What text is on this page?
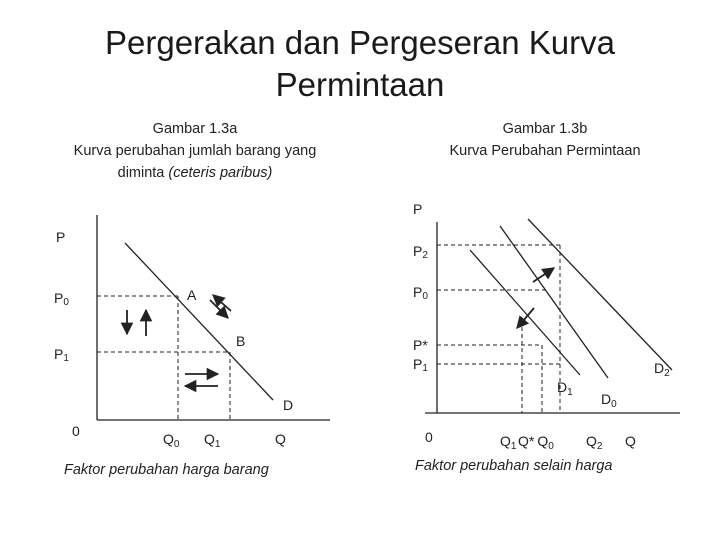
Pergerakan dan Pergeseran Kurva
Permintaan
Gambar 1.3a
Kurva perubahan jumlah barang yang
diminta (ceteris paribus)
Gambar 1.3b
Kurva Perubahan Permintaan
P
P0
P1
A
B
D
0	$Q_0$ $Q_1$	Q
Faktor perubahan harga barang
P
P2
P0
P*
P1
$D_1$ $D_0$
$D_2$
0	$Q_1$ Q* $Q_0$ $Q_2$ Q
Faktor perubahan selain harga
